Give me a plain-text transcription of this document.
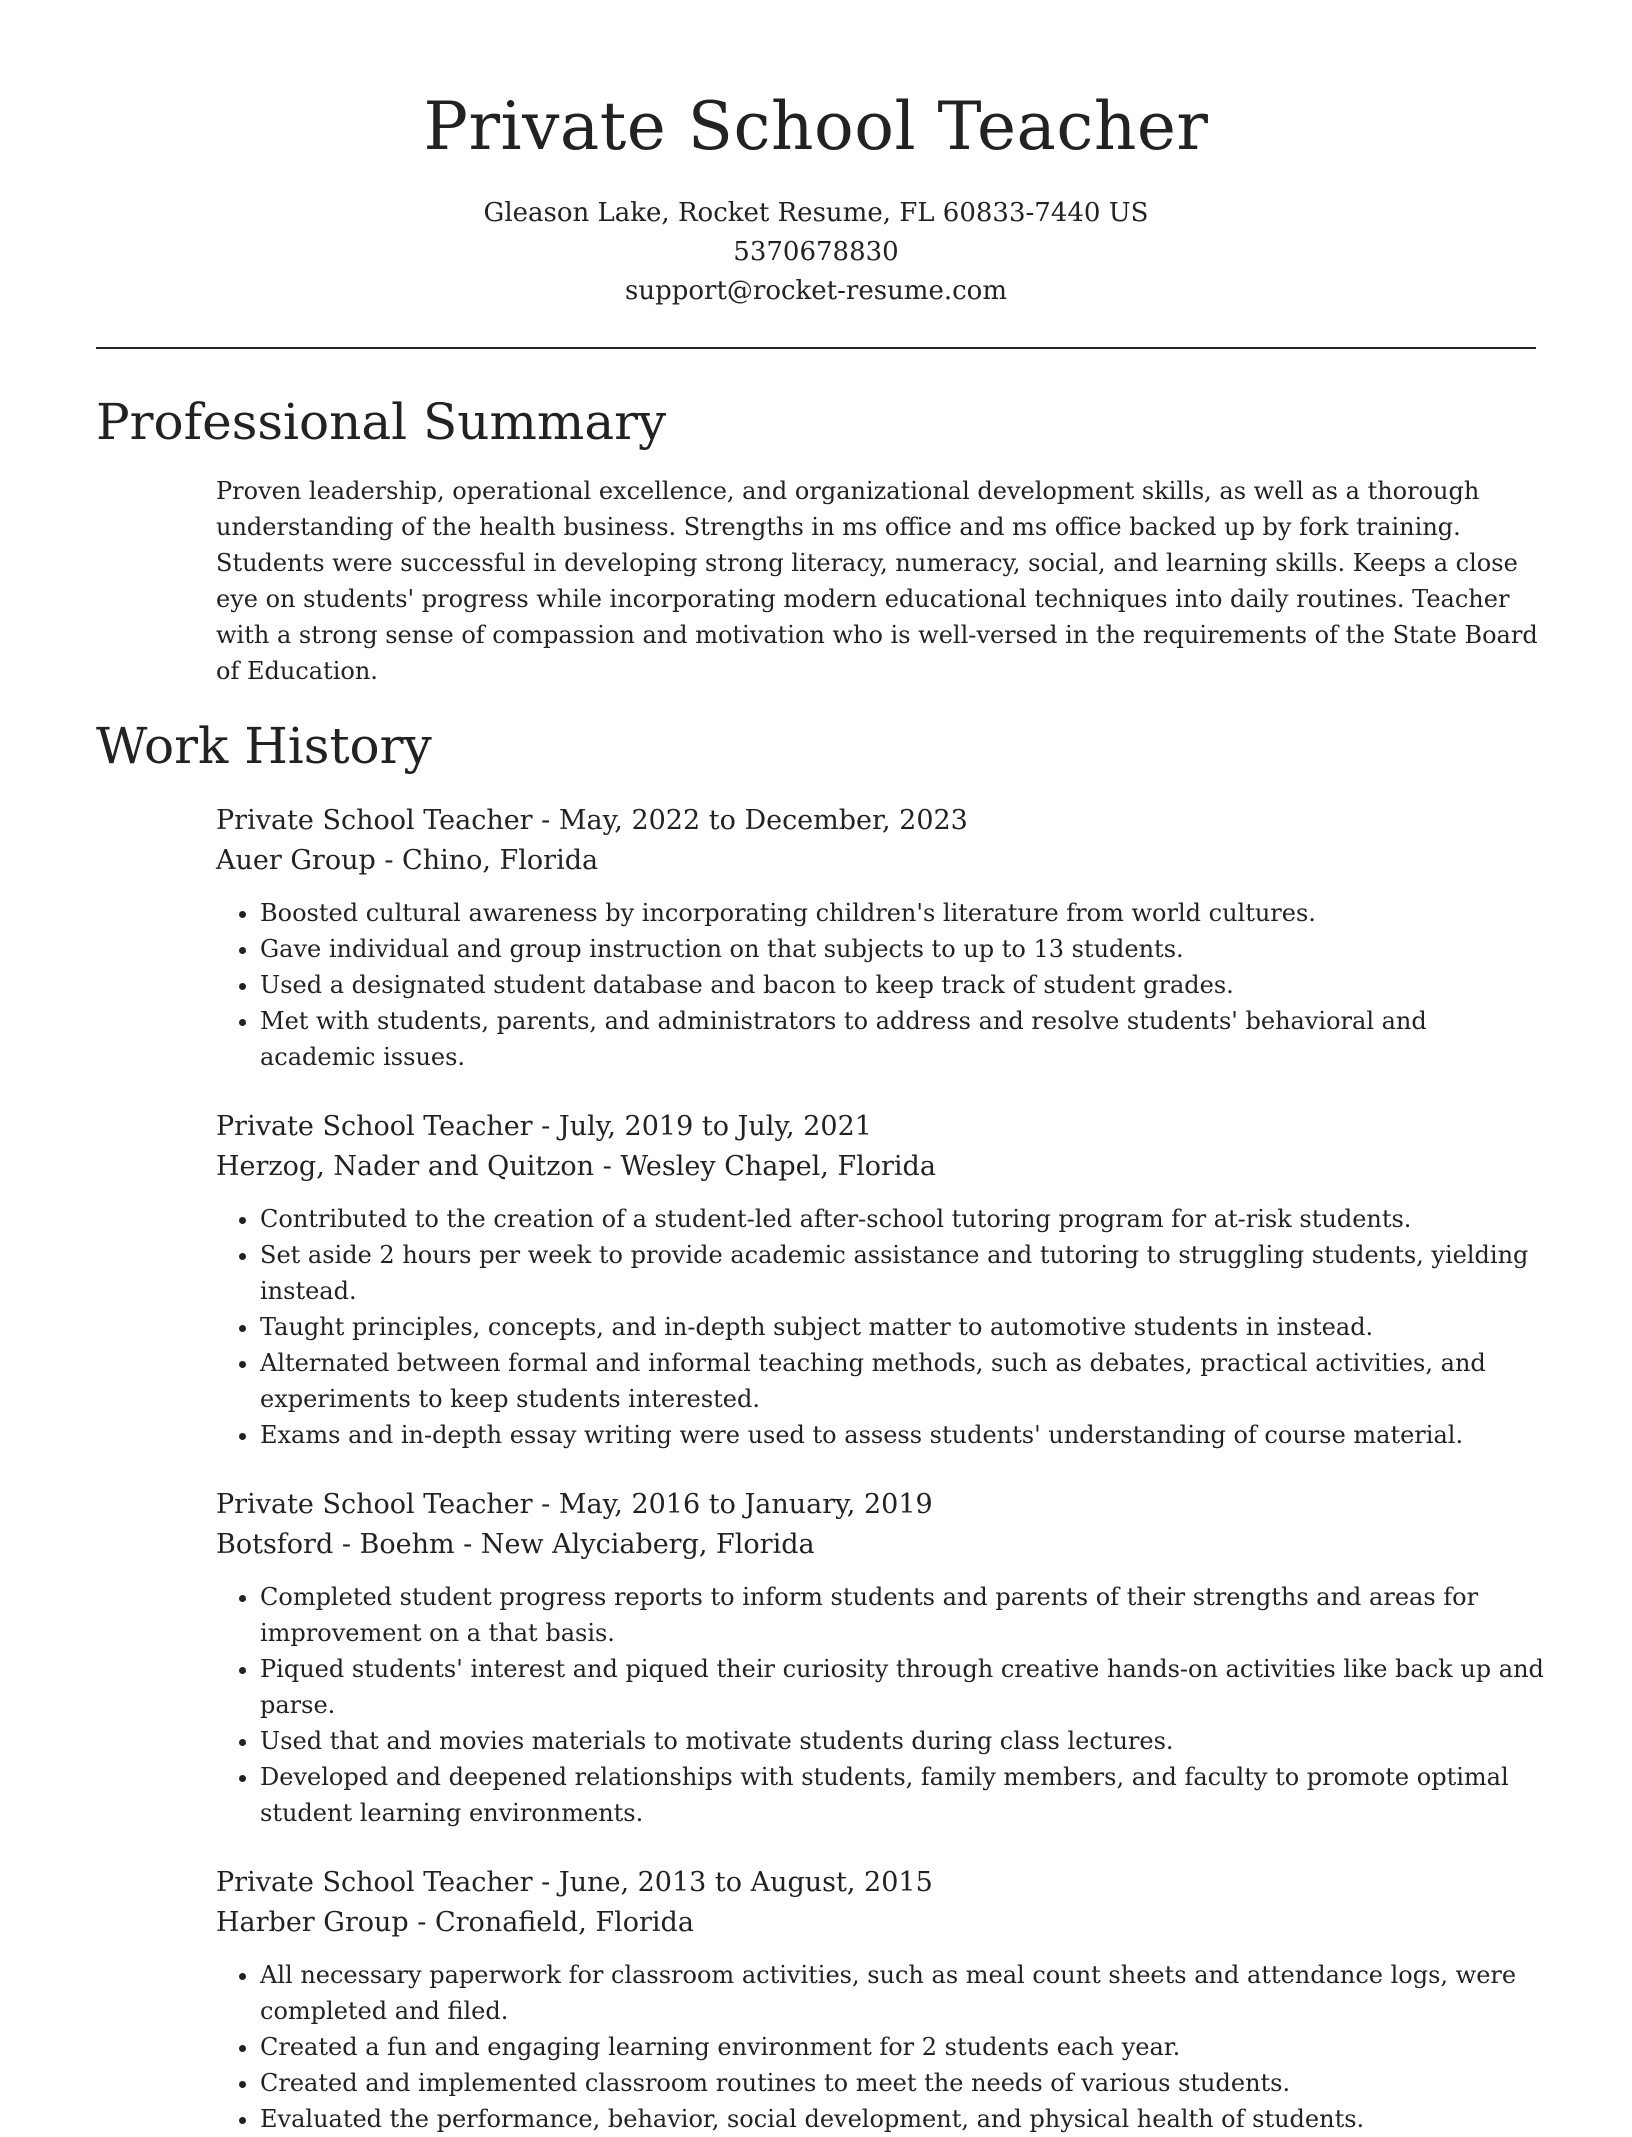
Private School Teacher
Gleason Lake, Rocket Resume, FL 60833-7440 US
5370678830
support@rocket-resume.com
Professional Summary
Proven leadership, operational excellence, and organizational development skills, as well as a thorough understanding of the health business. Strengths in ms office and ms office backed up by fork training. Students were successful in developing strong literacy, numeracy, social, and learning skills. Keeps a close eye on students' progress while incorporating modern educational techniques into daily routines. Teacher with a strong sense of compassion and motivation who is well-versed in the requirements of the State Board of Education.
Work History
Private School Teacher - May, 2022 to December, 2023
Auer Group - Chino, Florida
• Boosted cultural awareness by incorporating children's literature from world cultures.
• Gave individual and group instruction on that subjects to up to 13 students.
• Used a designated student database and bacon to keep track of student grades.
• Met with students, parents, and administrators to address and resolve students' behavioral and academic issues.
Private School Teacher - July, 2019 to July, 2021
Herzog, Nader and Quitzon - Wesley Chapel, Florida
• Contributed to the creation of a student-led after-school tutoring program for at-risk students.
• Set aside 2 hours per week to provide academic assistance and tutoring to struggling students, yielding instead.
• Taught principles, concepts, and in-depth subject matter to automotive students in instead.
• Alternated between formal and informal teaching methods, such as debates, practical activities, and experiments to keep students interested.
• Exams and in-depth essay writing were used to assess students' understanding of course material.
Private School Teacher - May, 2016 to January, 2019
Botsford - Boehm - New Alyciaberg, Florida
• Completed student progress reports to inform students and parents of their strengths and areas for improvement on a that basis.
• Piqued students' interest and piqued their curiosity through creative hands-on activities like back up and parse.
• Used that and movies materials to motivate students during class lectures.
• Developed and deepened relationships with students, family members, and faculty to promote optimal student learning environments.
Private School Teacher - June, 2013 to August, 2015
Harber Group - Cronafield, Florida
• All necessary paperwork for classroom activities, such as meal count sheets and attendance logs, were completed and filed.
• Created a fun and engaging learning environment for 2 students each year.
• Created and implemented classroom routines to meet the needs of various students.
• Evaluated the performance, behavior, social development, and physical health of students.
